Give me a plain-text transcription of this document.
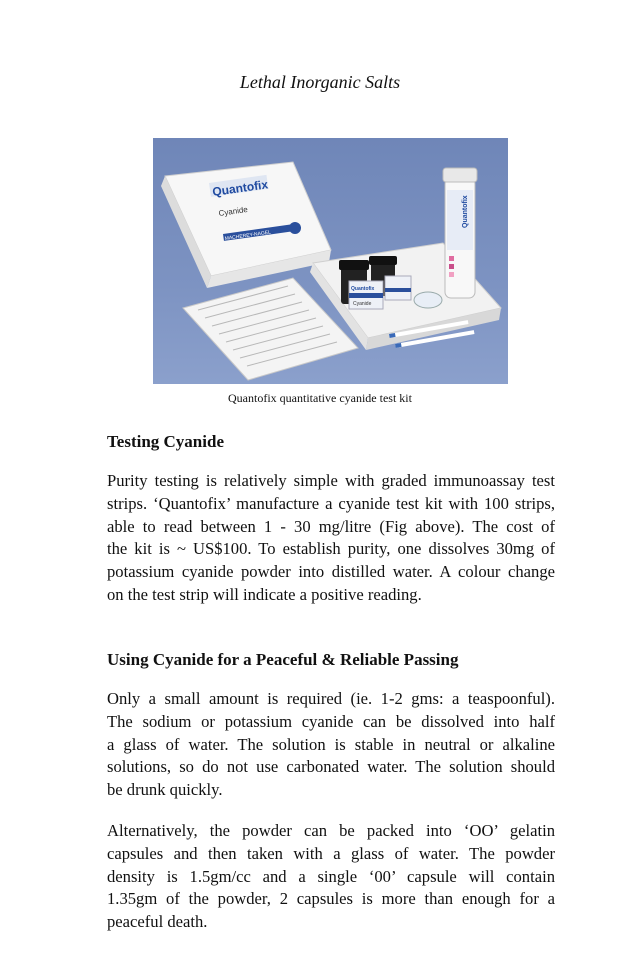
Lethal Inorganic Salts
Quantofix
Cyanide
MACHEREY-NAGEL
Quantofix
Cyanide
Quantofix
Quantofix quantitative cyanide test kit
Testing Cyanide
Purity testing is relatively simple with graded immunoassay test
strips. ‘Quantofix’ manufacture a cyanide test kit with 100 strips,
able to read between 1 - 30 mg/litre (Fig above). The cost of
the kit is ~ US$100. To establish purity, one dissolves 30mg of
potassium cyanide powder into distilled water. A colour change
on the test strip will indicate a positive reading.
Using Cyanide for a Peaceful & Reliable Passing
Only a small amount is required (ie. 1-2 gms: a teaspoonful).
The sodium or potassium cyanide can be dissolved into half
a glass of water. The solution is stable in neutral or alkaline
solutions, so do not use carbonated water. The solution should
be drunk quickly.
Alternatively, the powder can be packed into ‘OO’ gelatin
capsules and then taken with a glass of water. The powder
density is 1.5gm/cc and a single ‘00’ capsule will contain
1.35gm of the powder, 2 capsules is more than enough for a
peaceful death.
